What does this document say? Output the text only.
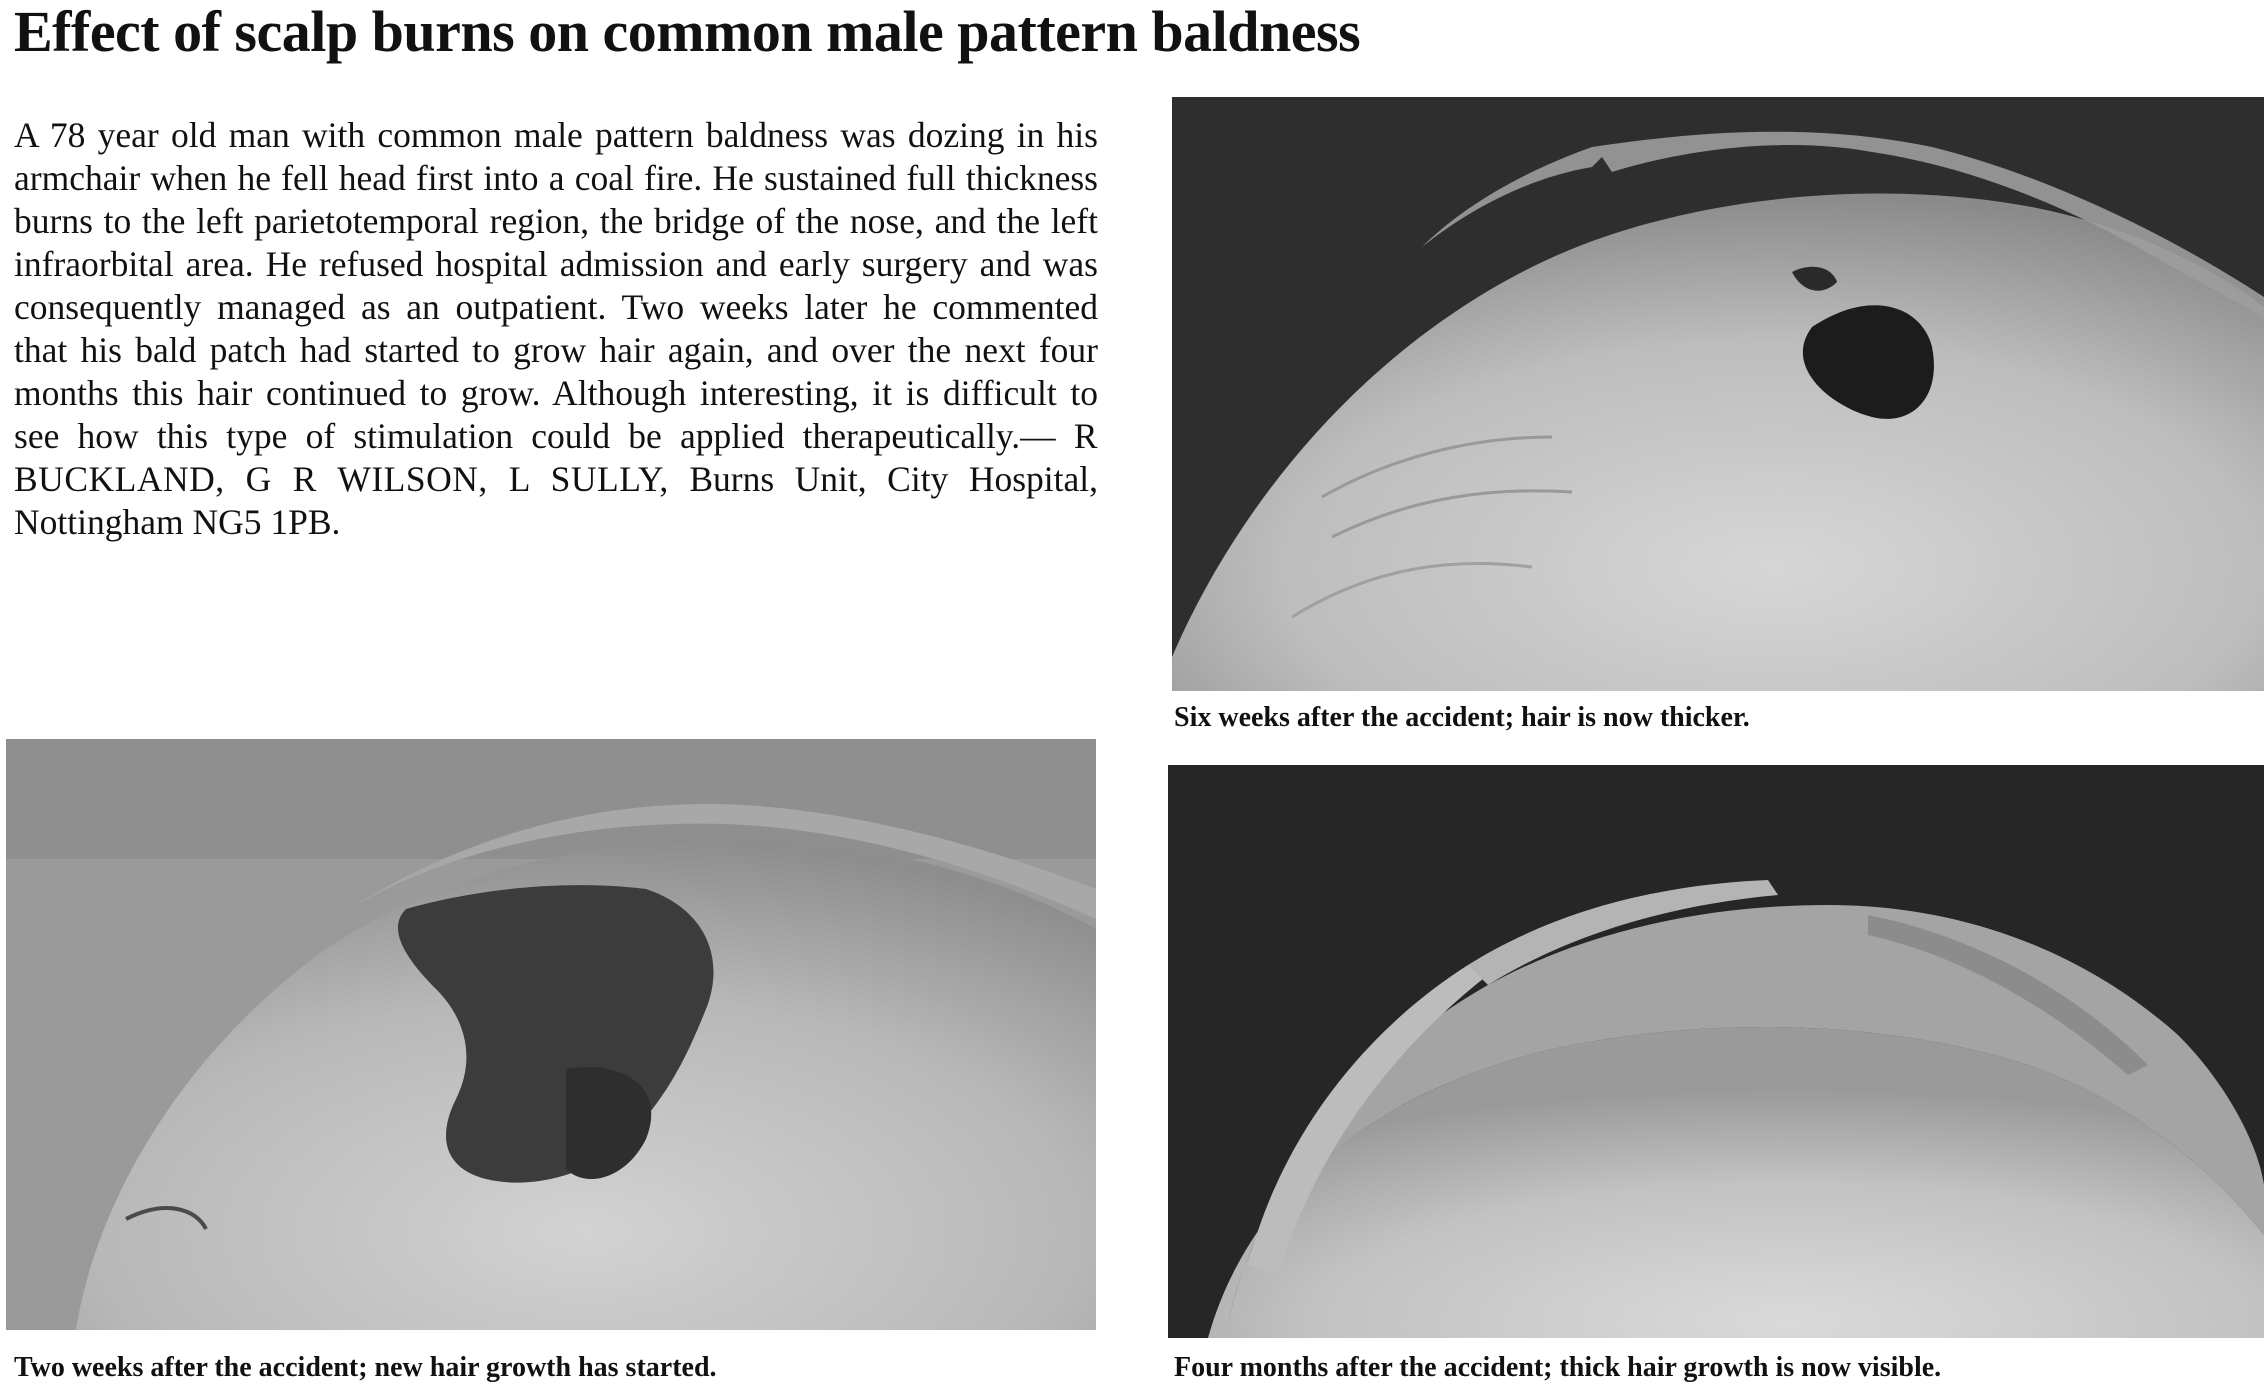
Effect of scalp burns on common male pattern baldness

A 78 year old man with common male pattern baldness was dozing in his armchair when he fell head first into a coal fire. He sustained full thickness burns to the left parietotemporal region, the bridge of the nose, and the left infraorbital area. He refused hospital admission and early surgery and was consequently managed as an outpatient. Two weeks later he commented that his bald patch had started to grow hair again, and over the next four months this hair continued to grow. Although interesting, it is difficult to see how this type of stimulation could be applied therapeutically.— R BUCKLAND, G R WILSON, L SULLY, Burns Unit, City Hospital, Nottingham NG5 1PB.

Six weeks after the accident; hair is now thicker.

Two weeks after the accident; new hair growth has started.	Four months after the accident; thick hair growth is now visible.
